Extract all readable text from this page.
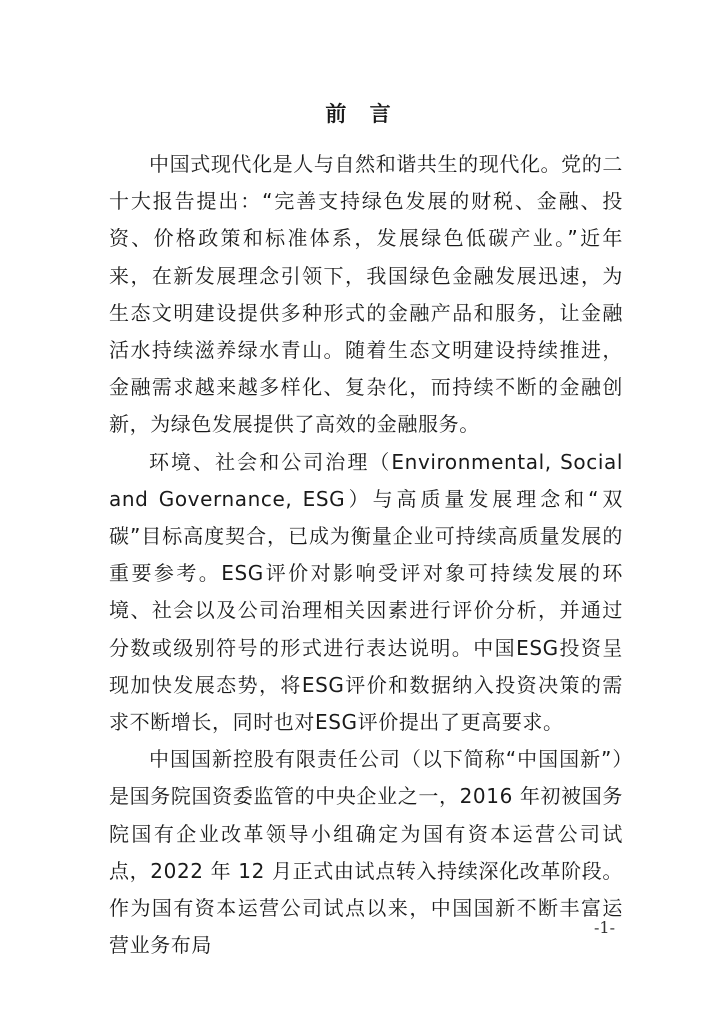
前 言

中国式现代化是人与自然和谐共生的现代化。党的二十大报告提出：“完善支持绿色发展的财税、金融、投资、价格政策和标准体系，发展绿色低碳产业。”近年来，在新发展理念引领下，我国绿色金融发展迅速，为生态文明建设提供多种形式的金融产品和服务，让金融活水持续滋养绿水青山。随着生态文明建设持续推进，金融需求越来越多样化、复杂化，而持续不断的金融创新，为绿色发展提供了高效的金融服务。

环境、社会和公司治理（Environmental, Social and Governance, ESG）与高质量发展理念和“双碳”目标高度契合，已成为衡量企业可持续高质量发展的重要参考。ESG评价对影响受评对象可持续发展的环境、社会以及公司治理相关因素进行评价分析，并通过分数或级别符号的形式进行表达说明。中国ESG投资呈现加快发展态势，将ESG评价和数据纳入投资决策的需求不断增长，同时也对ESG评价提出了更高要求。

中国国新控股有限责任公司（以下简称“中国国新”）是国务院国资委监管的中央企业之一，2016 年初被国务院国有企业改革领导小组确定为国有资本运营公司试点，2022 年 12 月正式由试点转入持续深化改革阶段。作为国有资本运营公司试点以来，中国国新不断丰富运营业务布局

-1-
